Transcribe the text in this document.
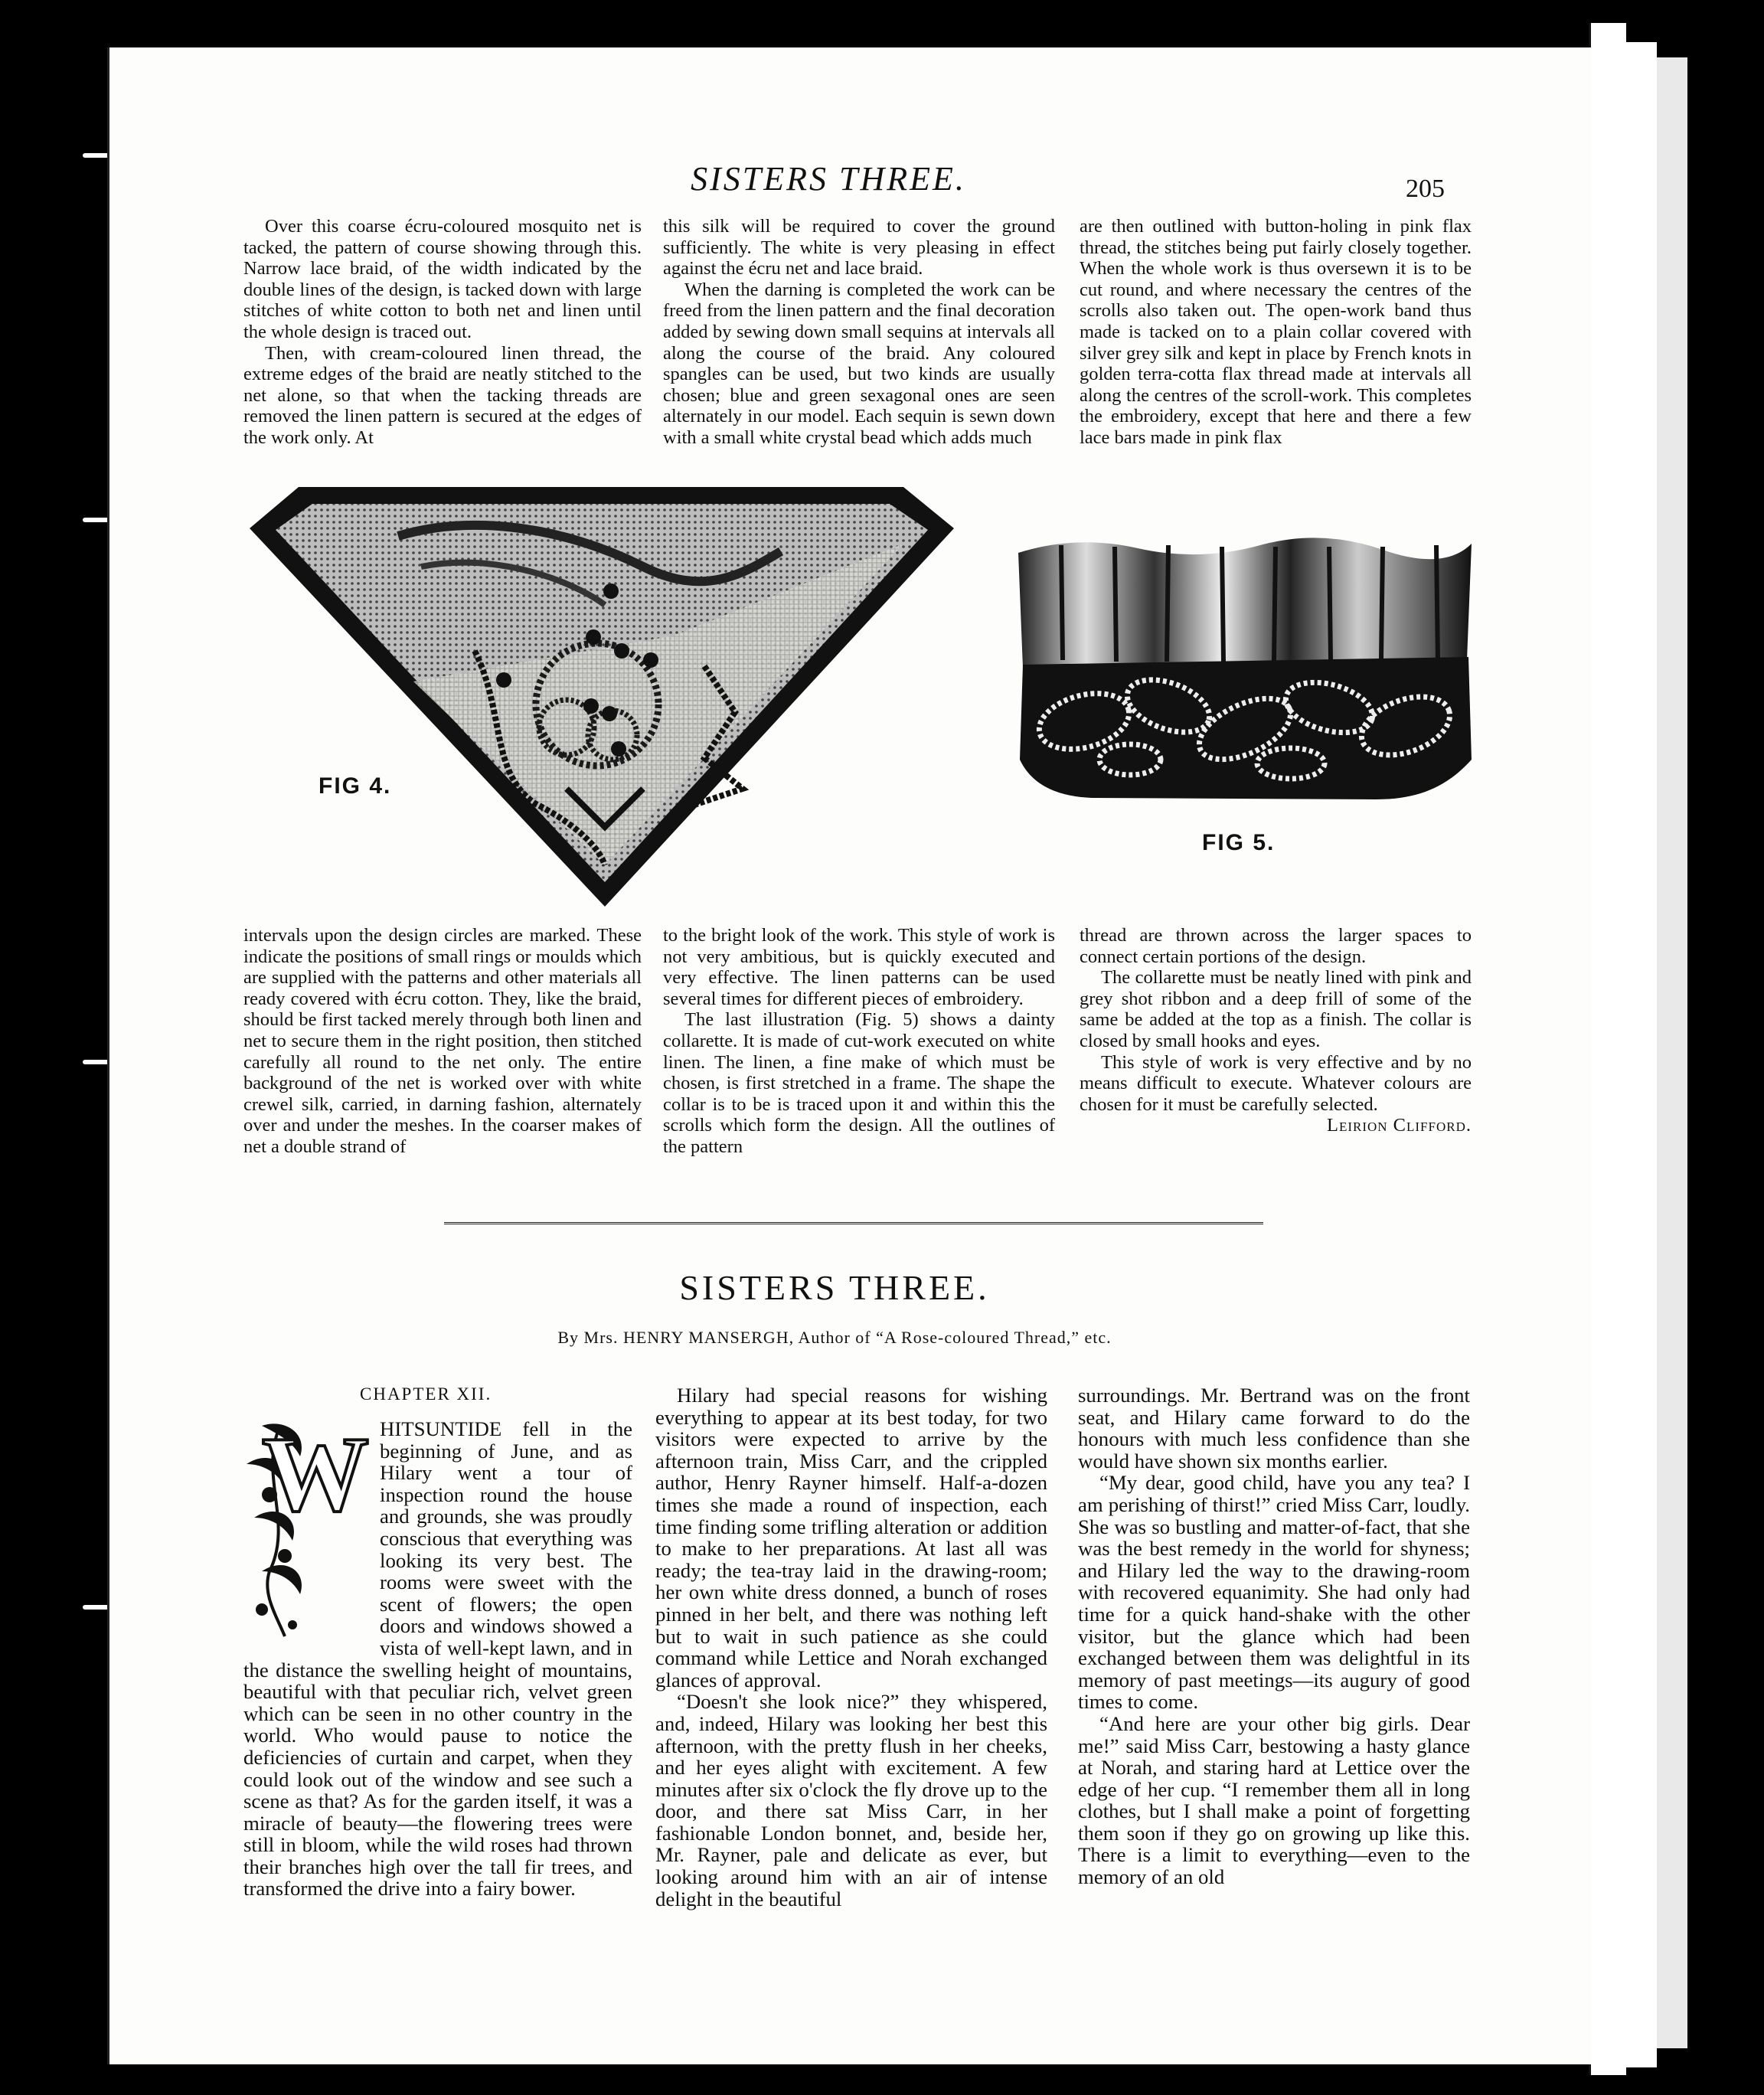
SISTERS THREE.	205

Over this coarse écru-coloured mosquito net is tacked, the pattern of course showing through this. Narrow lace braid, of the width indicated by the double lines of the design, is tacked down with large stitches of white cotton to both net and linen until the whole design is traced out.

Then, with cream-coloured linen thread, the extreme edges of the braid are neatly stitched to the net alone, so that when the tacking threads are removed the linen pattern is secured at the edges of the work only. At

this silk will be required to cover the ground sufficiently. The white is very pleasing in effect against the écru net and lace braid.

When the darning is completed the work can be freed from the linen pattern and the final decoration added by sewing down small sequins at intervals all along the course of the braid. Any coloured spangles can be used, but two kinds are usually chosen; blue and green sexagonal ones are seen alternately in our model. Each sequin is sewn down with a small white crystal bead which adds much

are then outlined with button-holing in pink flax thread, the stitches being put fairly closely together. When the whole work is thus oversewn it is to be cut round, and where necessary the centres of the scrolls also taken out. The open-work band thus made is tacked on to a plain collar covered with silver grey silk and kept in place by French knots in golden terra-cotta flax thread made at intervals all along the centres of the scroll-work. This completes the embroidery, except that here and there a few lace bars made in pink flax

FIG 4.
FIG 5.

intervals upon the design circles are marked. These indicate the positions of small rings or moulds which are supplied with the patterns and other materials all ready covered with écru cotton. They, like the braid, should be first tacked merely through both linen and net to secure them in the right position, then stitched carefully all round to the net only. The entire background of the net is worked over with white crewel silk, carried, in darning fashion, alternately over and under the meshes. In the coarser makes of net a double strand of

to the bright look of the work. This style of work is not very ambitious, but is quickly executed and very effective. The linen patterns can be used several times for different pieces of embroidery.

The last illustration (Fig. 5) shows a dainty collarette. It is made of cut-work executed on white linen. The linen, a fine make of which must be chosen, is first stretched in a frame. The shape the collar is to be is traced upon it and within this the scrolls which form the design. All the outlines of the pattern

thread are thrown across the larger spaces to connect certain portions of the design.

The collarette must be neatly lined with pink and grey shot ribbon and a deep frill of some of the same be added at the top as a finish. The collar is closed by small hooks and eyes.

This style of work is very effective and by no means difficult to execute. Whatever colours are chosen for it must be carefully selected.

Leirion Clifford.

SISTERS THREE.
By Mrs. HENRY MANSERGH, Author of “A Rose-coloured Thread,” etc.
CHAPTER XII.
W HITSUNTIDE fell in the beginning of June, and as Hilary went a tour of inspection round the house and grounds, she was proudly conscious that everything was looking its very best. The rooms were sweet with the scent of flowers; the open doors and windows showed a vista of well-kept lawn, and in the distance the swelling height of mountains, beautiful with that peculiar rich, velvet green which can be seen in no other country in the world. Who would pause to notice the deficiencies of curtain and carpet, when they could look out of the window and see such a scene as that? As for the garden itself, it was a miracle of beauty—the flowering trees were still in bloom, while the wild roses had thrown their branches high over the tall fir trees, and transformed the drive into a fairy bower.

Hilary had special reasons for wishing everything to appear at its best today, for two visitors were expected to arrive by the afternoon train, Miss Carr, and the crippled author, Henry Rayner himself. Half-a-dozen times she made a round of inspection, each time finding some trifling alteration or addition to make to her preparations. At last all was ready; the tea-tray laid in the drawing-room; her own white dress donned, a bunch of roses pinned in her belt, and there was nothing left but to wait in such patience as she could command while Lettice and Norah exchanged glances of approval.

“Doesn't she look nice?” they whispered, and, indeed, Hilary was looking her best this afternoon, with the pretty flush in her cheeks, and her eyes alight with excitement. A few minutes after six o'clock the fly drove up to the door, and there sat Miss Carr, in her fashionable London bonnet, and, beside her, Mr. Rayner, pale and delicate as ever, but looking around him with an air of intense delight in the beautiful

surroundings. Mr. Bertrand was on the front seat, and Hilary came forward to do the honours with much less confidence than she would have shown six months earlier.

“My dear, good child, have you any tea? I am perishing of thirst!” cried Miss Carr, loudly. She was so bustling and matter-of-fact, that she was the best remedy in the world for shyness; and Hilary led the way to the drawing-room with recovered equanimity. She had only had time for a quick hand-shake with the other visitor, but the glance which had been exchanged between them was delightful in its memory of past meetings—its augury of good times to come.

“And here are your other big girls. Dear me!” said Miss Carr, bestowing a hasty glance at Norah, and staring hard at Lettice over the edge of her cup. “I remember them all in long clothes, but I shall make a point of forgetting them soon if they go on growing up like this. There is a limit to everything—even to the memory of an old
